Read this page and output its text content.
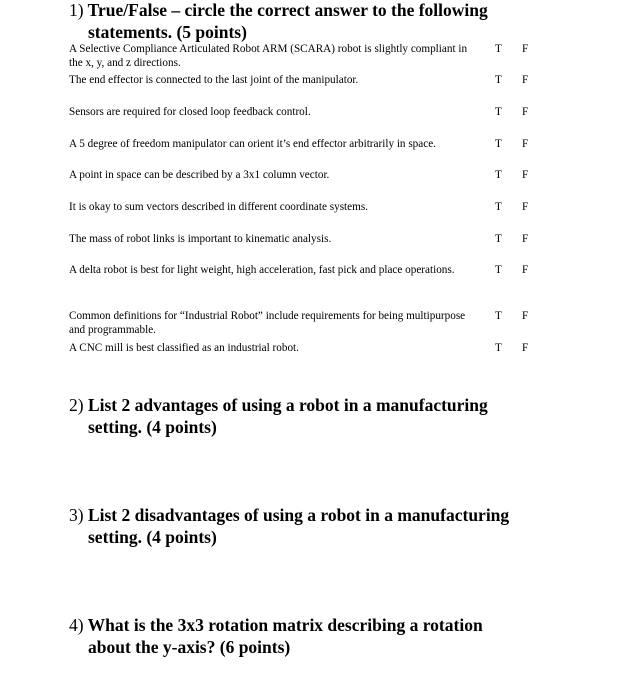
1) True/False – circle the correct answer to the following
statements. (5 points)
A Selective Compliance Articulated Robot ARM (SCARA) robot is slightly compliant in the x, y, and z directions.
T F
The end effector is connected to the last joint of the manipulator.	T F
Sensors are required for closed loop feedback control.	T F
A 5 degree of freedom manipulator can orient it’s end effector arbitrarily in space.	T F
A point in space can be described by a 3x1 column vector.	T F
It is okay to sum vectors described in different coordinate systems.	T F
The mass of robot links is important to kinematic analysis.	T F
A delta robot is best for light weight, high acceleration, fast pick and place operations.	T F
Common definitions for “Industrial Robot” include requirements for being multipurpose and programmable.
T F
A CNC mill is best classified as an industrial robot.	T F
2) List 2 advantages of using a robot in a manufacturing
setting. (4 points)
3) List 2 disadvantages of using a robot in a manufacturing
setting. (4 points)
4) What is the 3x3 rotation matrix describing a rotation
about the y-axis? (6 points)
